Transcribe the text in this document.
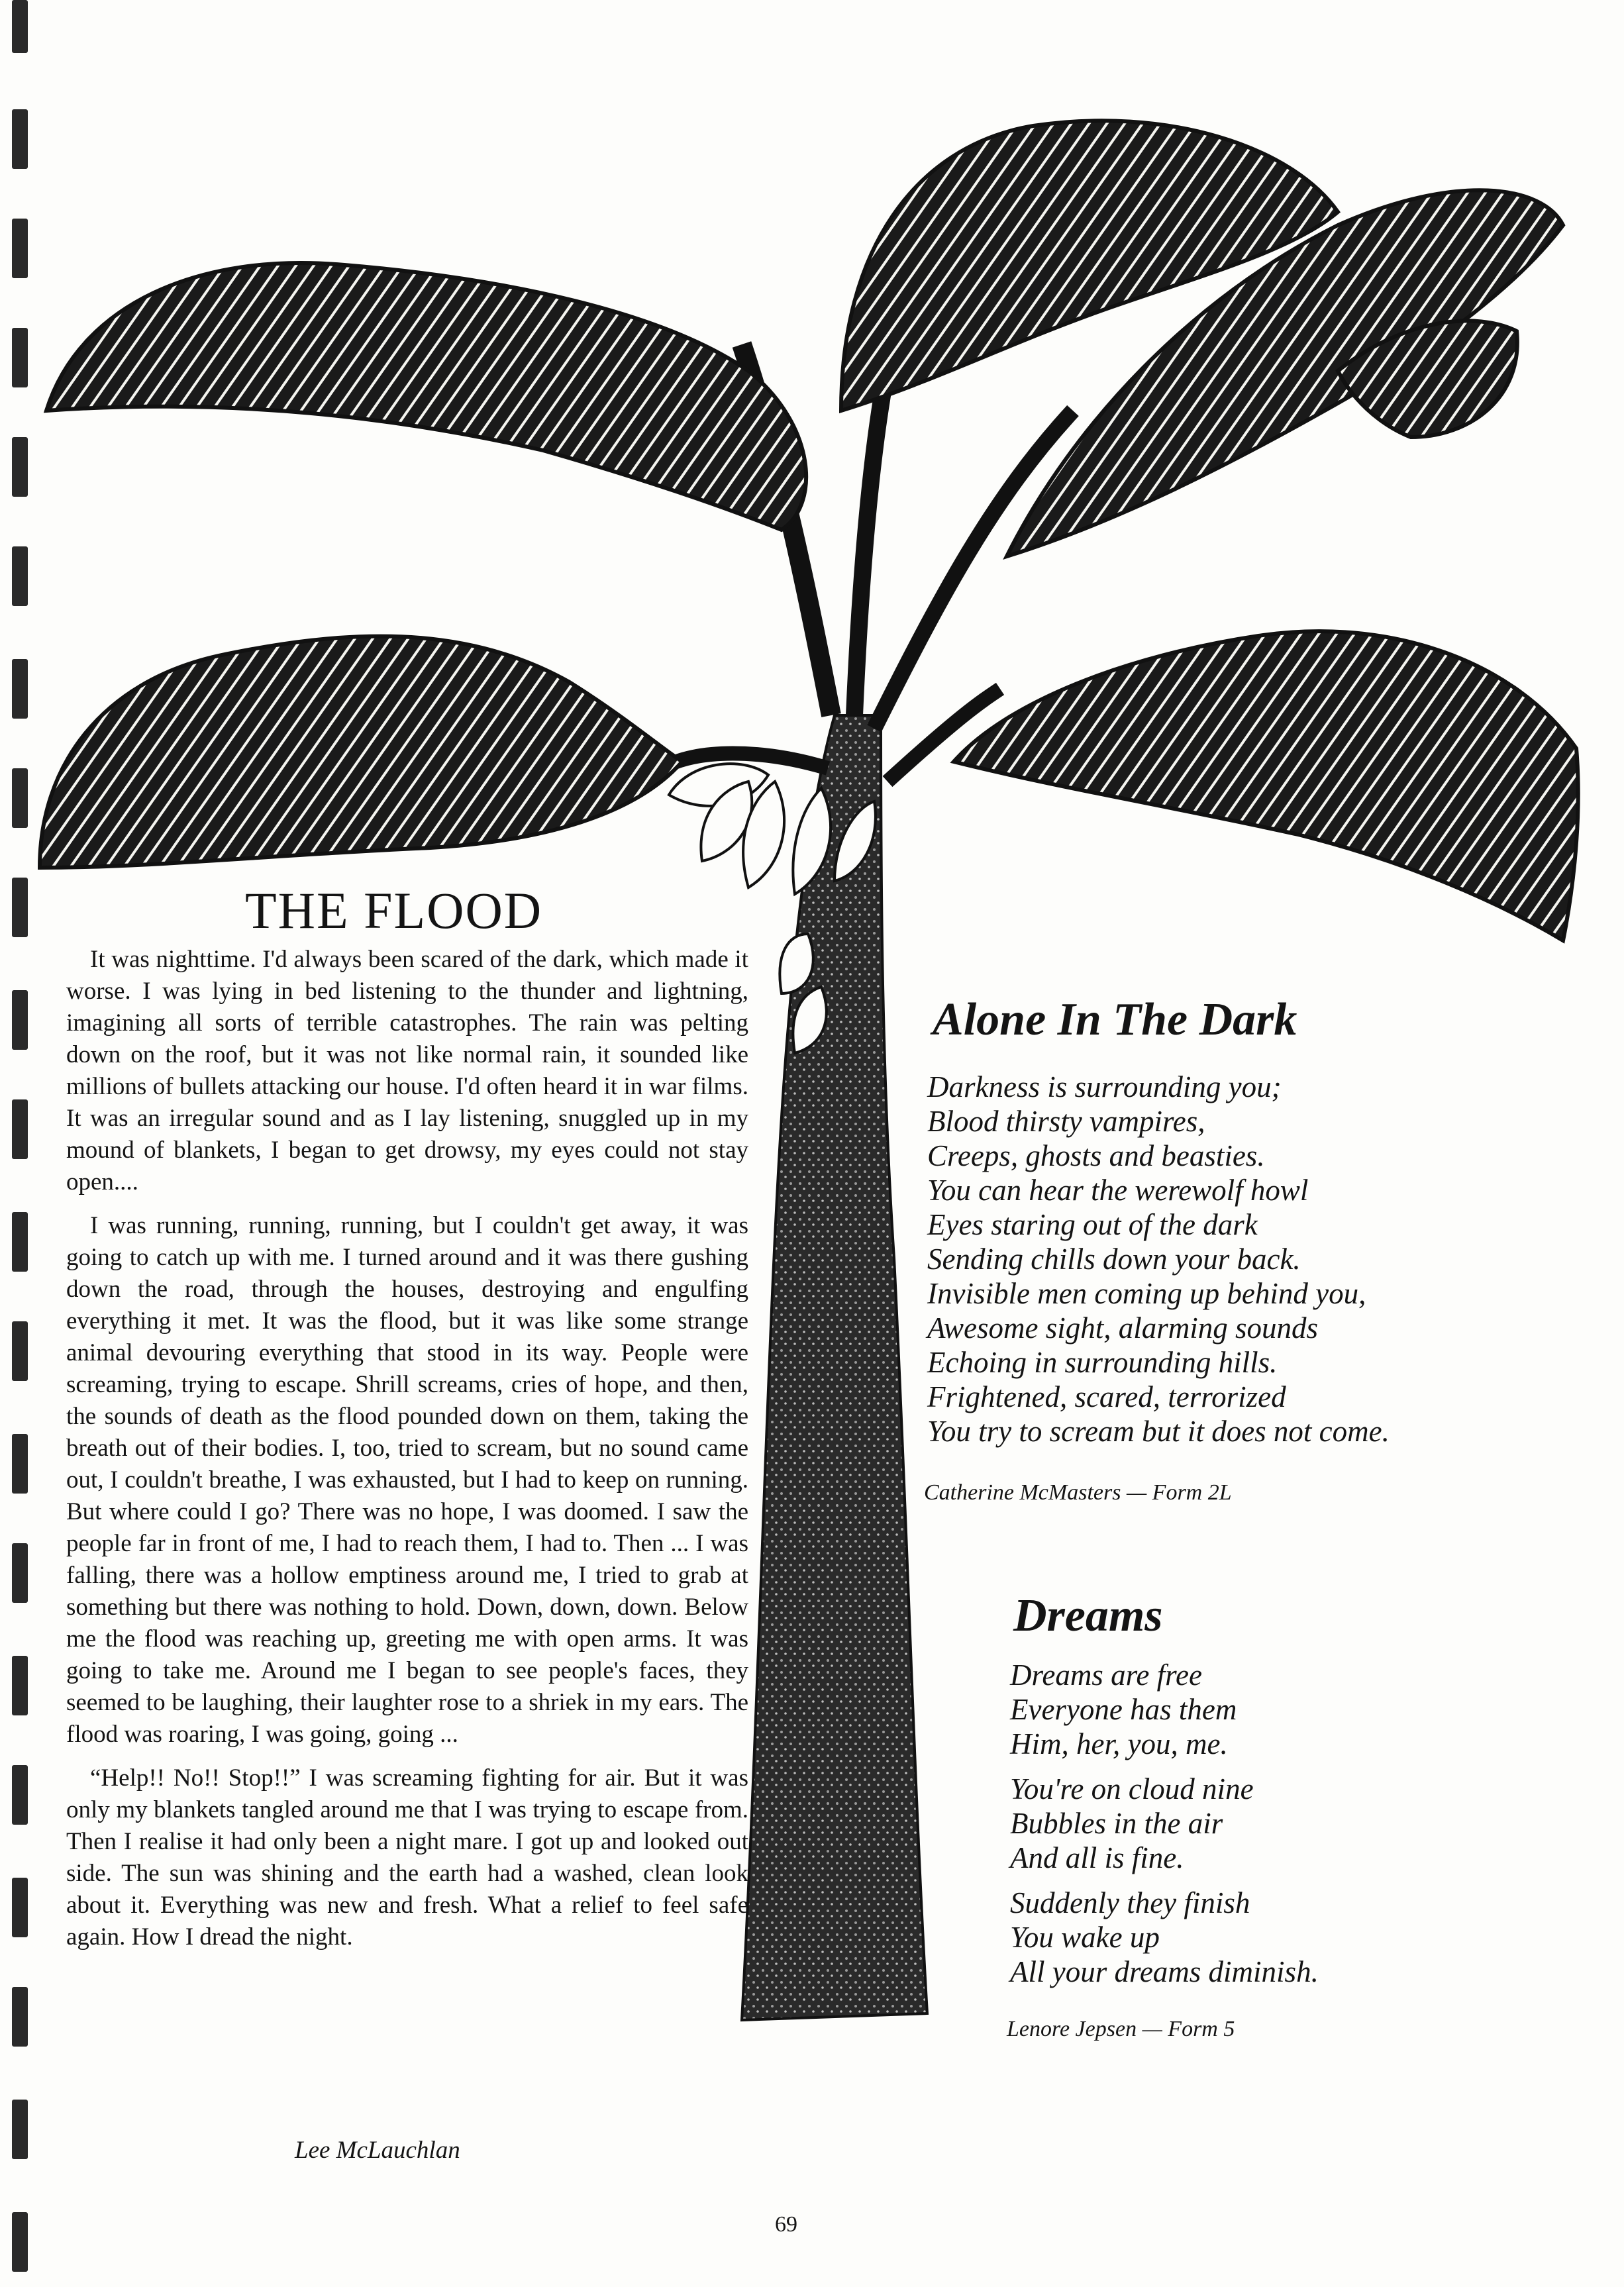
THE FLOOD

It was nighttime. I'd always been scared of the dark, which made it worse. I was lying in bed listening to the thunder and lightning, imagining all sorts of terrible catastrophes. The rain was pelting down on the roof, but it was not like normal rain, it sounded like millions of bullets attacking our house. I'd often heard it in war films. It was an irregular sound and as I lay listening, snuggled up in my mound of blankets, I began to get drowsy, my eyes could not stay open....

I was running, running, running, but I couldn't get away, it was going to catch up with me. I turned around and it was there gushing down the road, through the houses, destroying and engulfing everything it met. It was the flood, but it was like some strange animal devouring everything that stood in its way. People were screaming, trying to escape. Shrill screams, cries of hope, and then, the sounds of death as the flood pounded down on them, taking the breath out of their bodies. I, too, tried to scream, but no sound came out, I couldn't breathe, I was exhausted, but I had to keep on running. But where could I go? There was no hope, I was doomed. I saw the people far in front of me, I had to reach them, I had to. Then ... I was falling, there was a hollow emptiness around me, I tried to grab at something but there was nothing to hold. Down, down, down. Below me the flood was reaching up, greeting me with open arms. It was going to take me. Around me I began to see people's faces, they seemed to be laughing, their laughter rose to a shriek in my ears. The flood was roaring, I was going, going ...

“Help!! No!! Stop!!” I was screaming fighting for air. But it was only my blankets tangled around me that I was trying to escape from. Then I realise it had only been a night mare. I got up and looked out side. The sun was shining and the earth had a washed, clean look about it. Everything was new and fresh. What a relief to feel safe again. How I dread the night.

Lee McLauchlan
Alone In The Dark
Darkness is surrounding you;
Blood thirsty vampires,
Creeps, ghosts and beasties.
You can hear the werewolf howl
Eyes staring out of the dark
Sending chills down your back.
Invisible men coming up behind you,
Awesome sight, alarming sounds
Echoing in surrounding hills.
Frightened, scared, terrorized
You try to scream but it does not come.
Catherine McMasters — Form 2L
Dreams
Dreams are free
Everyone has them
Him, her, you, me.
You're on cloud nine
Bubbles in the air
And all is fine.
Suddenly they finish
You wake up
All your dreams diminish.
Lenore Jepsen — Form 5
69
